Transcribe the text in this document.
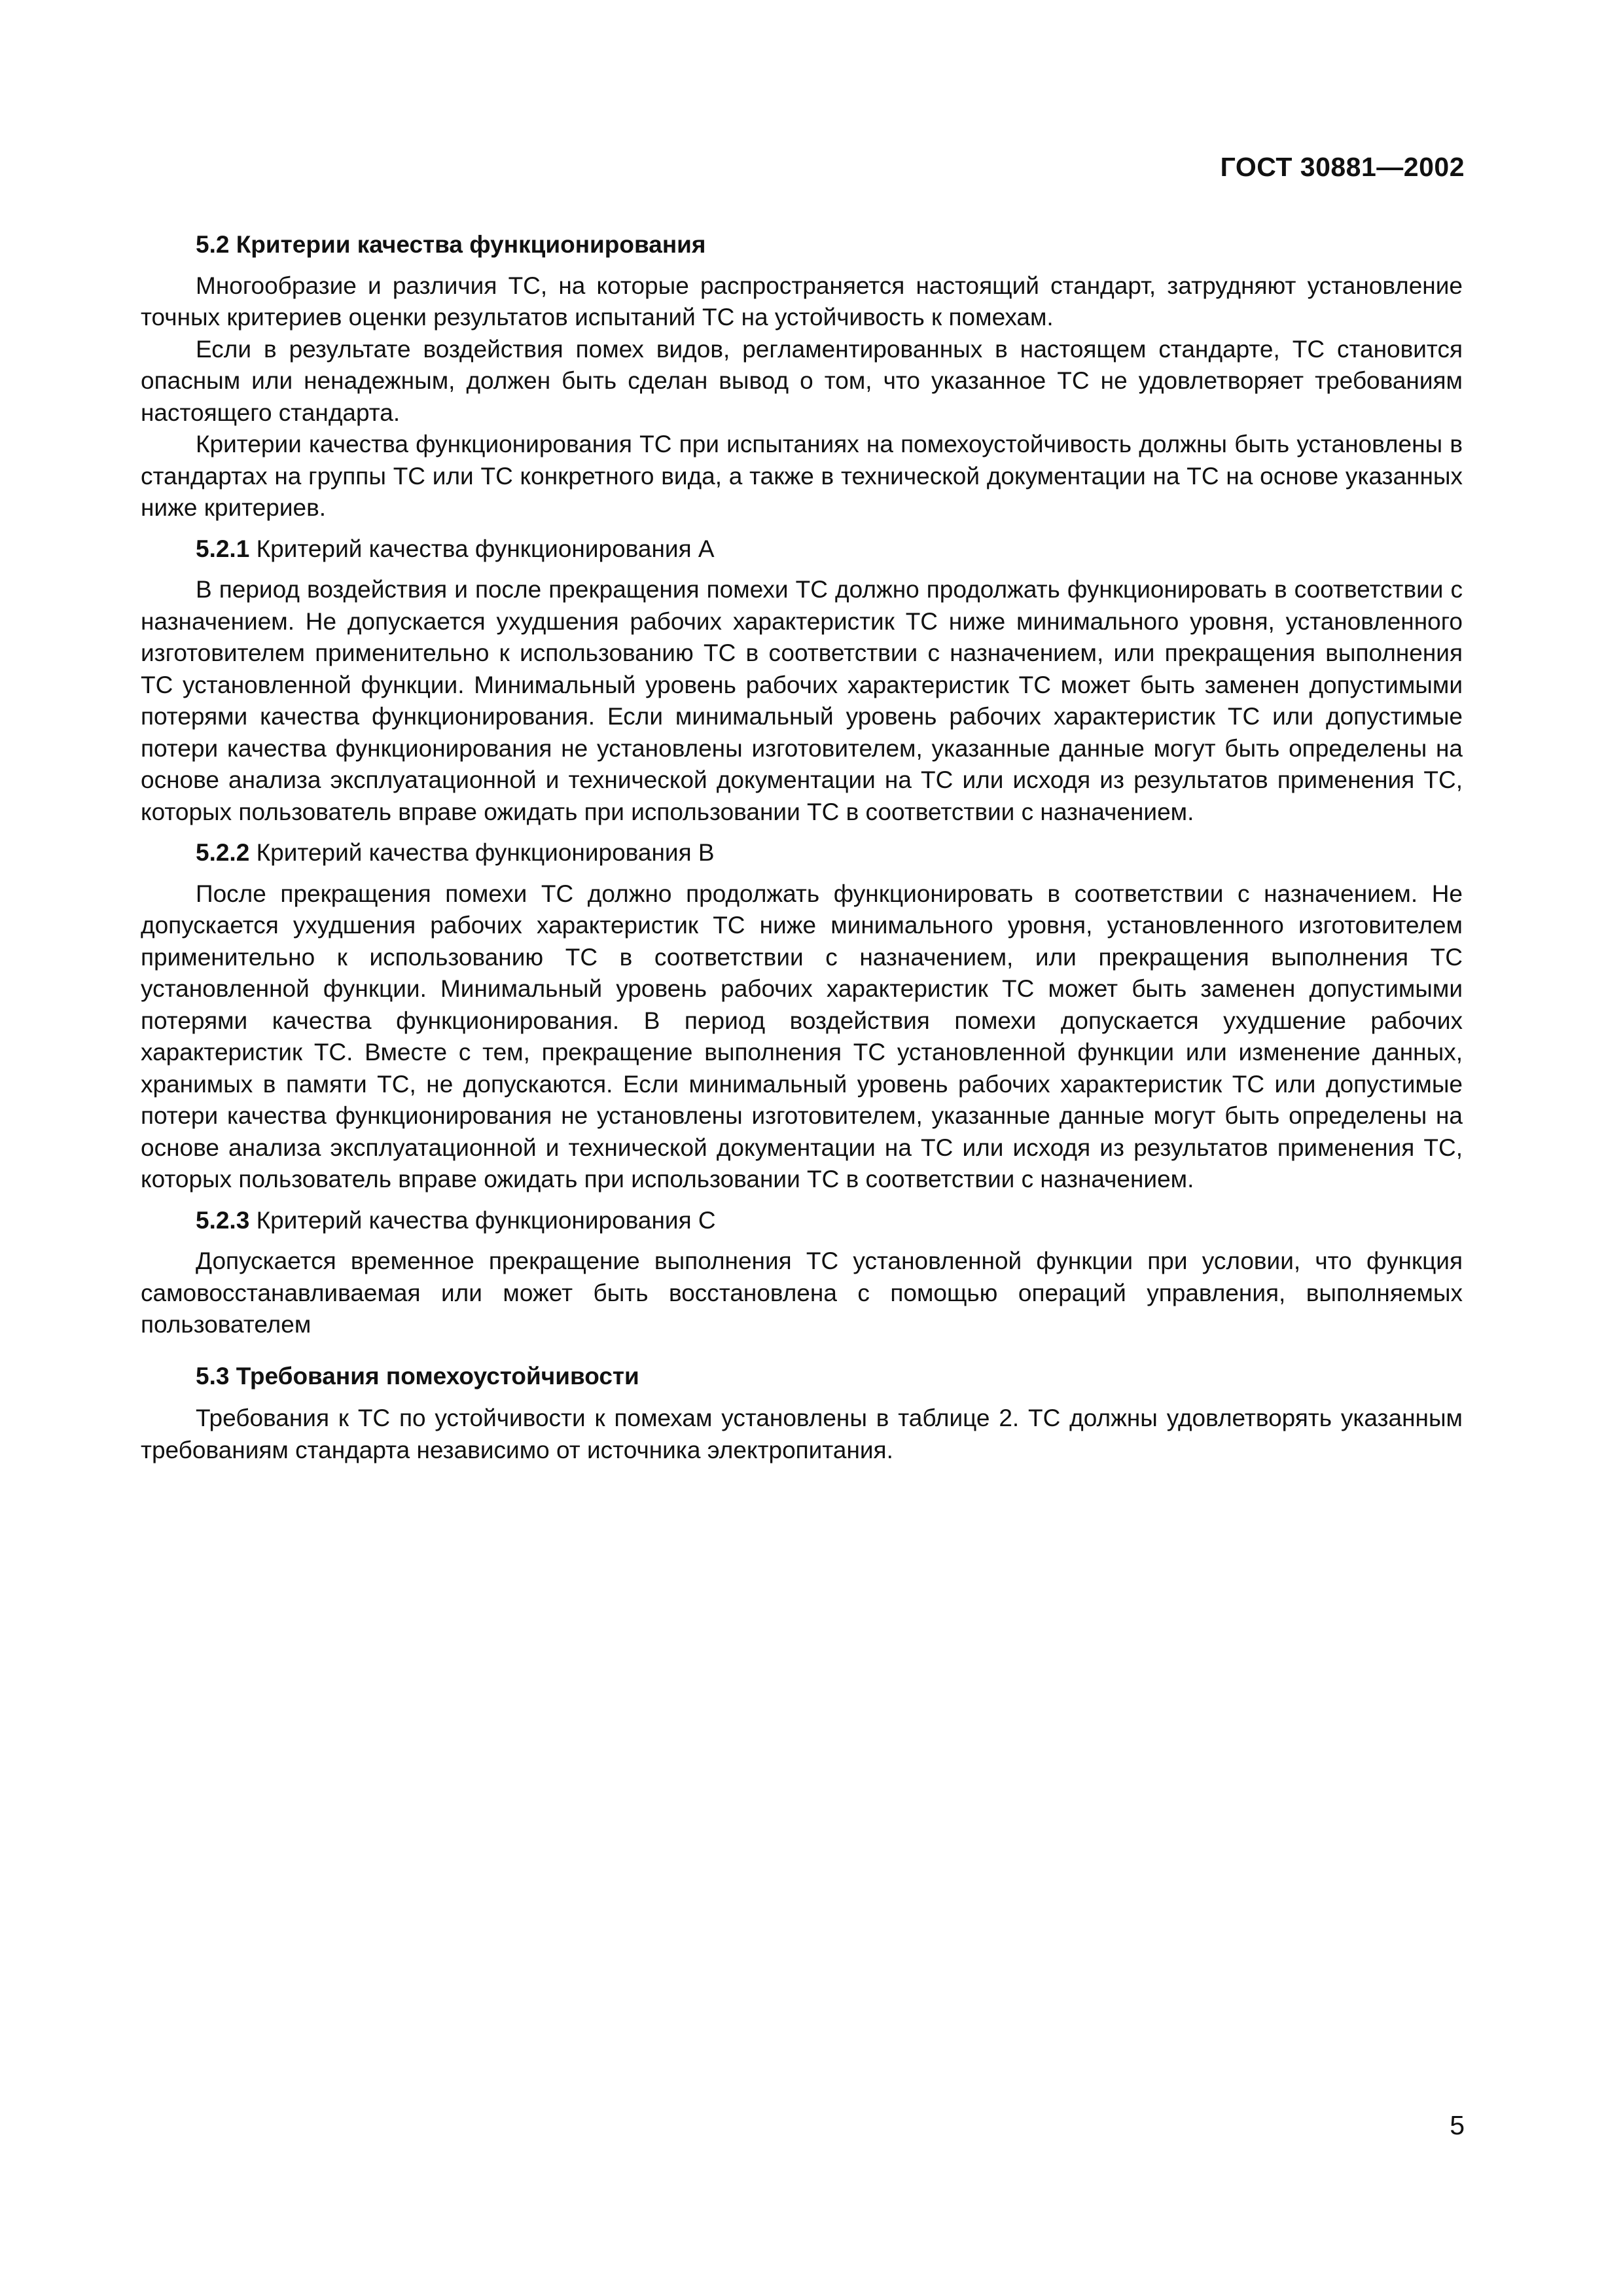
ГОСТ 30881—2002
5.2 Критерии качества функционирования

Многообразие и различия ТС, на которые распространяется настоящий стандарт, затрудняют установление точных критериев оценки результатов испытаний ТС на устойчивость к помехам.

Если в результате воздействия помех видов, регламентированных в настоящем стандарте, ТС становится опасным или ненадежным, должен быть сделан вывод о том, что указанное ТС не удовлетворяет требованиям настоящего стандарта.

Критерии качества функционирования ТС при испытаниях на помехоустойчивость должны быть установлены в стандартах на группы ТС или ТС конкретного вида, а также в технической документации на ТС на основе указанных ниже критериев.

5.2.1 Критерий качества функционирования А

В период воздействия и после прекращения помехи ТС должно продолжать функционировать в соответствии с назначением. Не допускается ухудшения рабочих характеристик ТС ниже минимального уровня, установленного изготовителем применительно к использованию ТС в соответствии с назначением, или прекращения выполнения ТС установленной функции. Минимальный уровень рабочих характеристик ТС может быть заменен допустимыми потерями качества функционирования. Если минимальный уровень рабочих характеристик ТС или допустимые потери качества функционирования не установлены изготовителем, указанные данные могут быть определены на основе анализа эксплуатационной и технической документации на ТС или исходя из результатов применения ТС, которых пользователь вправе ожидать при использовании ТС в соответствии с назначением.

5.2.2 Критерий качества функционирования В

После прекращения помехи ТС должно продолжать функционировать в соответствии с назначением. Не допускается ухудшения рабочих характеристик ТС ниже минимального уровня, установленного изготовителем применительно к использованию ТС в соответствии с назначением, или прекращения выполнения ТС установленной функции. Минимальный уровень рабочих характеристик ТС может быть заменен допустимыми потерями качества функционирования. В период воздействия помехи допускается ухудшение рабочих характеристик ТС. Вместе с тем, прекращение выполнения ТС установленной функции или изменение данных, хранимых в памяти ТС, не допускаются. Если минимальный уровень рабочих характеристик ТС или допустимые потери качества функционирования не установлены изготовителем, указанные данные могут быть определены на основе анализа эксплуатационной и технической документации на ТС или исходя из результатов применения ТС, которых пользователь вправе ожидать при использовании ТС в соответствии с назначением.

5.2.3 Критерий качества функционирования С

Допускается временное прекращение выполнения ТС установленной функции при условии, что функция самовосстанавливаемая или может быть восстановлена с помощью операций управления, выполняемых пользователем

5.3 Требования помехоустойчивости

Требования к ТС по устойчивости к помехам установлены в таблице 2. ТС должны удовлетворять указанным требованиям стандарта независимо от источника электропитания.

5
